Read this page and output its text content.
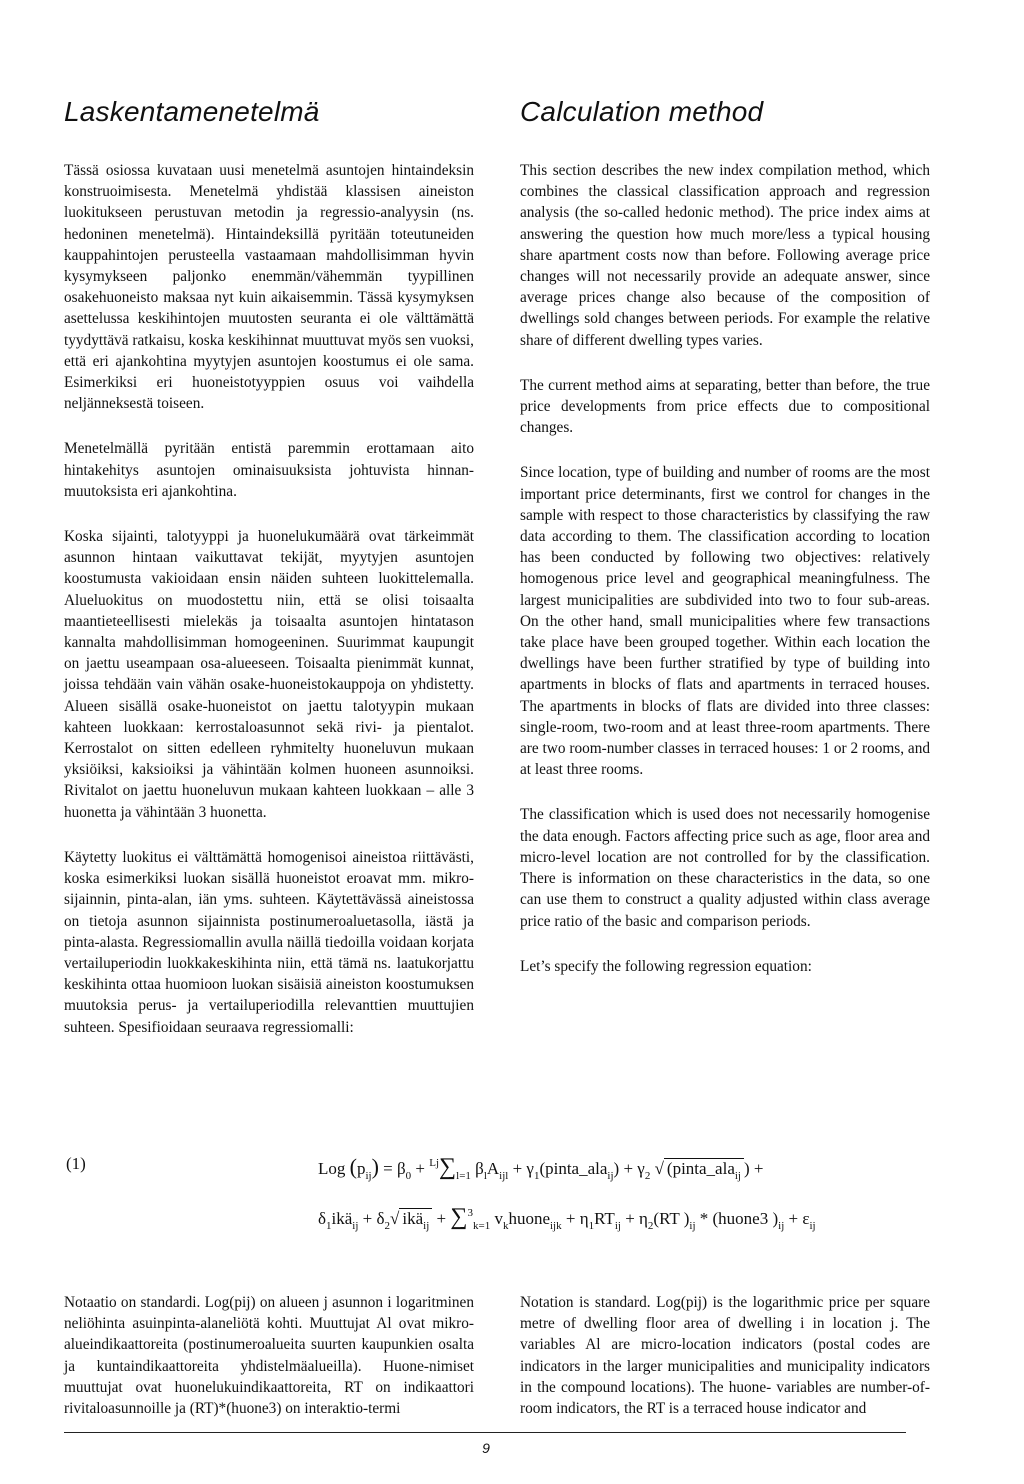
Laskentamenetelmä

Tässä osiossa kuvataan uusi menetelmä asuntojen hintaindeksin konstruoimisesta. Menetelmä yhdistää klassisen aineiston luokitukseen perustuvan metodin ja regressio-analyysin (ns. hedoninen menetelmä). Hintaindeksillä pyritään toteutuneiden kauppahintojen perusteella vastaamaan mahdollisimman hyvin kysymykseen paljonko enemmän/vähemmän tyypillinen osakehuoneisto maksaa nyt kuin aikaisemmin. Tässä kysymyksen asettelussa keskihintojen muutosten seuranta ei ole välttämättä tyydyttävä ratkaisu, koska keskihinnat muuttuvat myös sen vuoksi, että eri ajankohtina myytyjen asuntojen koostumus ei ole sama. Esimerkiksi eri huoneistotyyppien osuus voi vaihdella neljänneksestä toiseen.

Menetelmällä pyritään entistä paremmin erottamaan aito hintakehitys asuntojen ominaisuuksista johtuvista hinnan-muutoksista eri ajankohtina.

Koska sijainti, talotyyppi ja huonelukumäärä ovat tärkeimmät asunnon hintaan vaikuttavat tekijät, myytyjen asuntojen koostumusta vakioidaan ensin näiden suhteen luokittelemalla. Alueluokitus on muodostettu niin, että se olisi toisaalta maantieteellisesti mielekäs ja toisaalta asuntojen hintatason kannalta mahdollisimman homogeeninen. Suurimmat kaupungit on jaettu useampaan osa-alueeseen. Toisaalta pienimmät kunnat, joissa tehdään vain vähän osake-huoneistokauppoja on yhdistetty. Alueen sisällä osake-huoneistot on jaettu talotyypin mukaan kahteen luokkaan: kerrostaloasunnot sekä rivi- ja pientalot. Kerrostalot on sitten edelleen ryhmitelty huoneluvun mukaan yksiöiksi, kaksioiksi ja vähintään kolmen huoneen asunnoiksi. Rivitalot on jaettu huoneluvun mukaan kahteen luokkaan – alle 3 huonetta ja vähintään 3 huonetta.

Käytetty luokitus ei välttämättä homogenisoi aineistoa riittävästi, koska esimerkiksi luokan sisällä huoneistot eroavat mm. mikro-sijainnin, pinta-alan, iän yms. suhteen. Käytettävässä aineistossa on tietoja asunnon sijainnista postinumeroaluetasolla, iästä ja pinta-alasta. Regressiomallin avulla näillä tiedoilla voidaan korjata vertailuperiodin luokkakeskihinta niin, että tämä ns. laatukorjattu keskihinta ottaa huomioon luokan sisäisiä aineiston koostumuksen muutoksia perus- ja vertailuperiodilla relevanttien muuttujien suhteen. Spesifioidaan seuraava regressiomalli:

Calculation method

This section describes the new index compilation method, which combines the classical classification approach and regression analysis (the so-called hedonic method). The price index aims at answering the question how much more/less a typical housing share apartment costs now than before. Following average price changes will not necessarily provide an adequate answer, since average prices change also because of the composition of dwellings sold changes between periods. For example the relative share of different dwelling types varies.

The current method aims at separating, better than before, the true price developments from price effects due to compositional changes.

Since location, type of building and number of rooms are the most important price determinants, first we control for changes in the sample with respect to those characteristics by classifying the raw data according to them. The classification according to location has been conducted by following two objectives: relatively homogenous price level and geographical meaningfulness. The largest municipalities are subdivided into two to four sub-areas. On the other hand, small municipalities where few transactions take place have been grouped together. Within each location the dwellings have been further stratified by type of building into apartments in blocks of flats and apartments in terraced houses. The apartments in blocks of flats are divided into three classes: single-room, two-room and at least three-room apartments. There are two room-number classes in terraced houses: 1 or 2 rooms, and at least three rooms.

The classification which is used does not necessarily homogenise the data enough. Factors affecting price such as age, floor area and micro-level location are not controlled for by the classification. There is information on these characteristics in the data, so one can use them to construct a quality adjusted within class average price ratio of the basic and comparison periods.

Let’s specify the following regression equation:

(1)	Log $(p_{ij}) = \beta_0 + ^{Lj}\sum_{l=1}$ $\beta_lA_{ijl}$ + $\gamma_1(pinta\_ala_{ij}) + \gamma_2$ √ (pinta_ala$_{ij}$ ) +
$\delta_1ikä_{ij} + \delta_2√$ ikä$_{ij}$ + ∑$^3_{k=1}$ $v_khuone_{ijk} + \eta_1RT_{ij} + \eta_2(RT$ )$_{ij}$ * (huone3 )$_{ij} + \varepsilon_{ij}$

Notaatio on standardi. Log(pij) on alueen j asunnon i logaritminen neliöhinta asuinpinta-alaneliötä kohti. Muuttujat Al ovat mikro-alueindikaattoreita (postinumeroalueita suurten kaupunkien osalta ja kuntaindikaattoreita yhdistelmäalueilla). Huone-nimiset muuttujat ovat huonelukuindikaattoreita, RT on indikaattori rivitaloasunnoille ja (RT)*(huone3) on interaktio-termi

Notation is standard. Log(pij) is the logarithmic price per square metre of dwelling floor area of dwelling i in location j. The variables Al are micro-location indicators (postal codes are indicators in the larger municipalities and municipality indicators in the compound locations). The huone- variables are number-of-room indicators, the RT is a terraced house indicator and

9
